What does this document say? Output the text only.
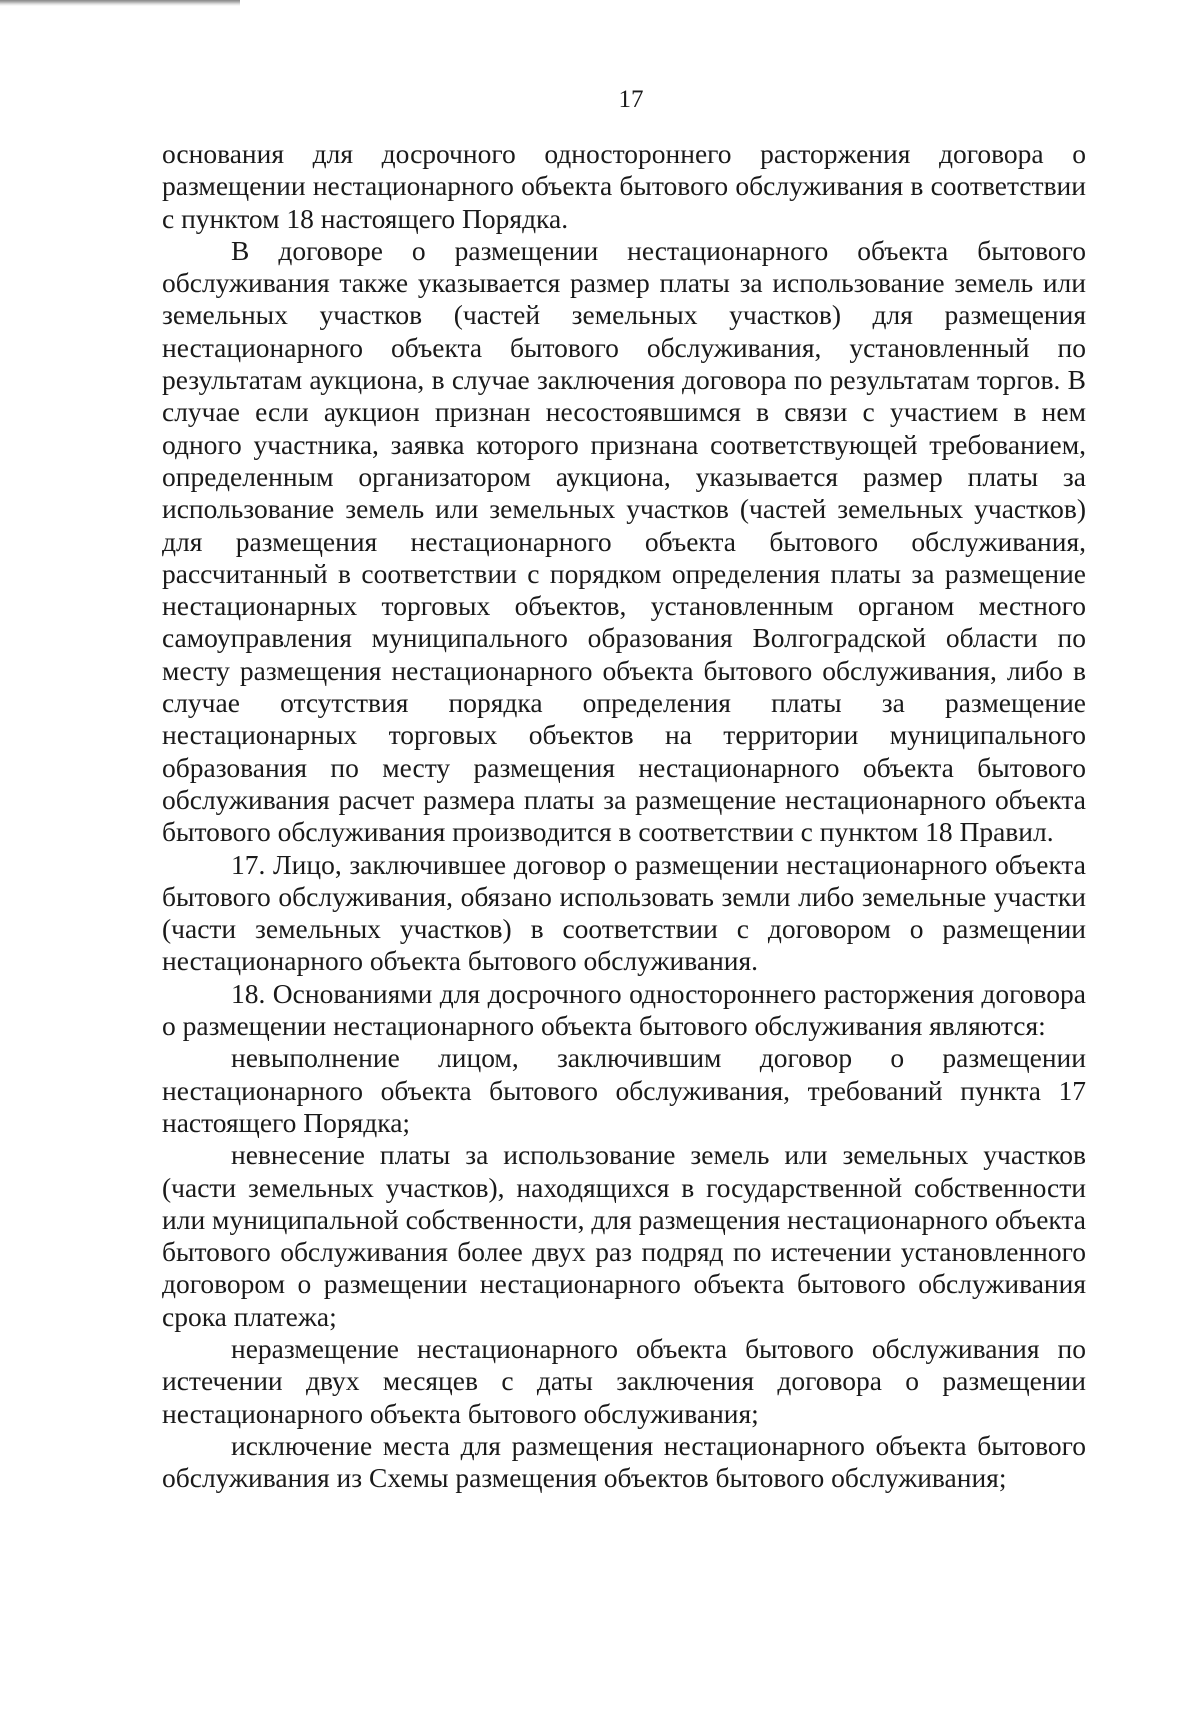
17

основания для досрочного одностороннего расторжения договора о размещении нестационарного объекта бытового обслуживания в соответствии с пунктом 18 настоящего Порядка.

В договоре о размещении нестационарного объекта бытового обслуживания также указывается размер платы за использование земель или земельных участков (частей земельных участков) для размещения нестационарного объекта бытового обслуживания, установленный по результатам аукциона, в случае заключения договора по результатам торгов. В случае если аукцион признан несостоявшимся в связи с участием в нем одного участника, заявка которого признана соответствующей требованием, определенным организатором аукциона, указывается размер платы за использование земель или земельных участков (частей земельных участков) для размещения нестационарного объекта бытового обслуживания, рассчитанный в соответствии с порядком определения платы за размещение нестационарных торговых объектов, установленным органом местного самоуправления муниципального образования Волгоградской области по месту размещения нестационарного объекта бытового обслуживания, либо в случае отсутствия порядка определения платы за размещение нестационарных торговых объектов на территории муниципального образования по месту размещения нестационарного объекта бытового обслуживания расчет размера платы за размещение нестационарного объекта бытового обслуживания производится в соответствии с пунктом 18 Правил.

17. Лицо, заключившее договор о размещении нестационарного объекта бытового обслуживания, обязано использовать земли либо земельные участки (части земельных участков) в соответствии с договором о размещении нестационарного объекта бытового обслуживания.

18. Основаниями для досрочного одностороннего расторжения договора о размещении нестационарного объекта бытового обслуживания являются:

невыполнение лицом, заключившим договор о размещении нестационарного объекта бытового обслуживания, требований пункта 17 настоящего Порядка;

невнесение платы за использование земель или земельных участков (части земельных участков), находящихся в государственной собственности или муниципальной собственности, для размещения нестационарного объекта бытового обслуживания более двух раз подряд по истечении установленного договором о размещении нестационарного объекта бытового обслуживания срока платежа;

неразмещение нестационарного объекта бытового обслуживания по истечении двух месяцев с даты заключения договора о размещении нестационарного объекта бытового обслуживания;

исключение места для размещения нестационарного объекта бытового обслуживания из Схемы размещения объектов бытового обслуживания;
